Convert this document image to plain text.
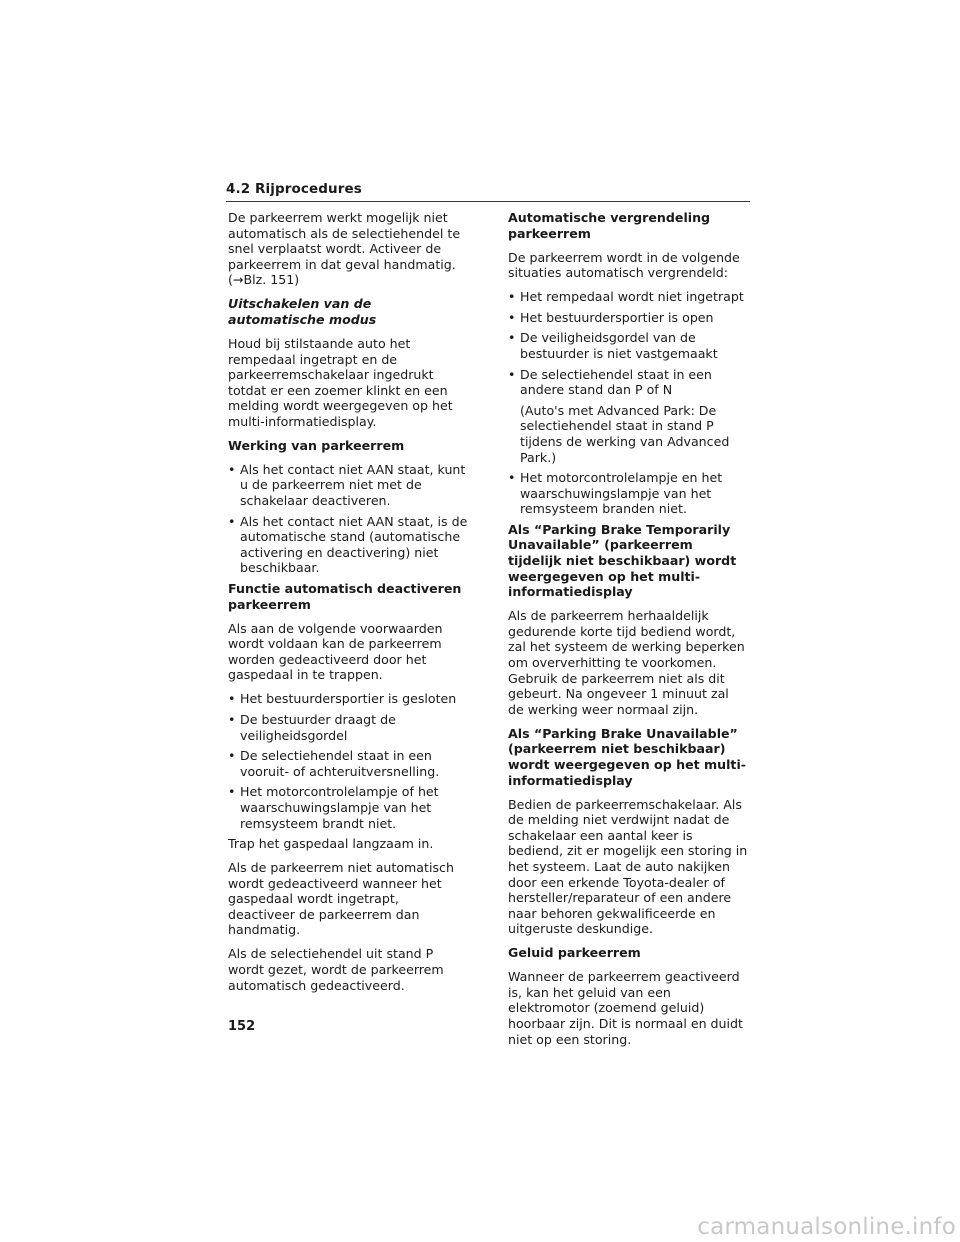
4.2 Rijprocedures

De parkeerrem werkt mogelijk niet automatisch als de selectiehendel te snel verplaatst wordt. Activeer de parkeerrem in dat geval handmatig. (→Blz. 151)

Uitschakelen van de automatische modus

Houd bij stilstaande auto het rempedaal ingetrapt en de parkeerremschakelaar ingedrukt totdat er een zoemer klinkt en een melding wordt weergegeven op het multi-informatiedisplay.

Werking van parkeerrem

• Als het contact niet AAN staat, kunt u de parkeerrem niet met de schakelaar deactiveren.
• Als het contact niet AAN staat, is de automatische stand (automatische activering en deactivering) niet beschikbaar.

Functie automatisch deactiveren parkeerrem

Als aan de volgende voorwaarden wordt voldaan kan de parkeerrem worden gedeactiveerd door het gaspedaal in te trappen.

• Het bestuurdersportier is gesloten
• De bestuurder draagt de veiligheidsgordel
• De selectiehendel staat in een vooruit- of achteruitversnelling.
• Het motorcontrolelampje of het waarschuwingslampje van het remsysteem brandt niet.

Trap het gaspedaal langzaam in.

Als de parkeerrem niet automatisch wordt gedeactiveerd wanneer het gaspedaal wordt ingetrapt, deactiveer de parkeerrem dan handmatig.

Als de selectiehendel uit stand P wordt gezet, wordt de parkeerrem automatisch gedeactiveerd.

Automatische vergrendeling parkeerrem

De parkeerrem wordt in de volgende situaties automatisch vergrendeld:

• Het rempedaal wordt niet ingetrapt
• Het bestuurdersportier is open
• De veiligheidsgordel van de bestuurder is niet vastgemaakt
• De selectiehendel staat in een andere stand dan P of N

(Auto's met Advanced Park: De selectiehendel staat in stand P tijdens de werking van Advanced Park.)

• Het motorcontrolelampje en het waarschuwingslampje van het remsysteem branden niet.

Als “Parking Brake Temporarily Unavailable” (parkeerrem tijdelijk niet beschikbaar) wordt weergegeven op het multi-informatiedisplay

Als de parkeerrem herhaaldelijk gedurende korte tijd bediend wordt, zal het systeem de werking beperken om oververhitting te voorkomen. Gebruik de parkeerrem niet als dit gebeurt. Na ongeveer 1 minuut zal de werking weer normaal zijn.

Als “Parking Brake Unavailable” (parkeerrem niet beschikbaar) wordt weergegeven op het multi-informatiedisplay

Bedien de parkeerremschakelaar. Als de melding niet verdwijnt nadat de schakelaar een aantal keer is bediend, zit er mogelijk een storing in het systeem. Laat de auto nakijken door een erkende Toyota-dealer of hersteller/reparateur of een andere naar behoren gekwalificeerde en uitgeruste deskundige.

Geluid parkeerrem

Wanneer de parkeerrem geactiveerd is, kan het geluid van een elektromotor (zoemend geluid) hoorbaar zijn. Dit is normaal en duidt niet op een storing.

152
carmanualsonline.info
